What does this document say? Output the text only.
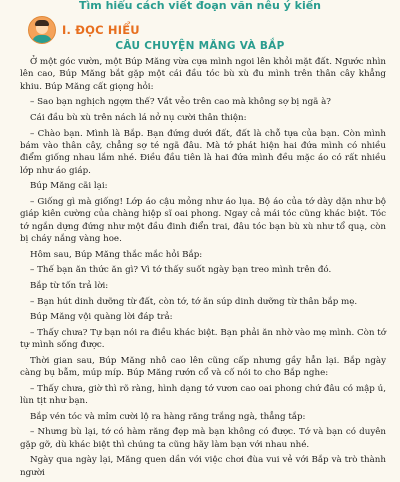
Tìm hiểu cách viết đoạn văn nêu ý kiến
I. ĐỌC HIỂU
CÂU CHUYỆN MĂNG VÀ BẮP

Ở một góc vườn, một Búp Măng vừa cựa mình ngoi lên khỏi mặt đất. Ngước nhìn lên cao, Búp Măng bắt gặp một cái đầu tóc bù xù đu mình trên thân cây khẳng khiu. Búp Măng cất giọng hỏi:

– Sao bạn nghịch ngợm thế? Vắt vẻo trên cao mà không sợ bị ngã à?

Cái đầu bù xù trên nách lá nở nụ cười thân thiện:

– Chào bạn. Mình là Bắp. Bạn đứng dưới đất, đất là chỗ tựa của bạn. Còn mình bám vào thân cây, chẳng sợ té ngã đâu. Mà tớ phát hiện hai đứa mình có nhiều điểm giống nhau lắm nhé. Điều đầu tiên là hai đứa mình đều mặc áo có rất nhiều lớp như áo giáp.

Búp Măng cãi lại:

– Giống gì mà giống! Lớp áo cậu mỏng như áo lụa. Bộ áo của tớ dày dặn như bộ giáp kiên cường của chàng hiệp sĩ oai phong. Ngay cả mái tóc cũng khác biệt. Tóc tớ ngắn dựng đứng như một đầu đinh điển trai, đâu tóc bạn bù xù như tổ quạ, còn bị cháy nắng vàng hoe.

Hôm sau, Búp Măng thắc mắc hỏi Bắp:

– Thế bạn ăn thức ăn gì? Vì tớ thấy suốt ngày bạn treo mình trên đó.

Bắp từ tốn trả lời:

– Bạn hút dinh dưỡng từ đất, còn tớ, tớ ăn súp dinh dưỡng từ thân bắp mẹ.

Búp Măng vội quàng lời đáp trả:

– Thấy chưa? Tự bạn nói ra điều khác biệt. Bạn phải ăn nhờ vào mẹ mình. Còn tớ tự mình sống được.

Thời gian sau, Búp Măng nhô cao lên cũng cấp nhưng gầy hẳn lại. Bắp ngày càng bụ bẫm, múp míp. Búp Măng rướn cổ và cố nói to cho Bắp nghe:

– Thấy chưa, giờ thì rõ ràng, hình dạng tớ vươn cao oai phong chứ đâu có mập ú, lùn tịt như bạn.

Bắp vén tóc và mỉm cười lộ ra hàng răng trắng ngà, thẳng tắp:

– Nhưng bù lại, tớ có hàm răng đẹp mà bạn không có được. Tớ và bạn có duyên gặp gỡ, dù khác biệt thì chúng ta cũng hãy làm bạn với nhau nhé.

Ngày qua ngày lại, Măng quen dần với việc chơi đùa vui vẻ với Bắp và trò thành người
